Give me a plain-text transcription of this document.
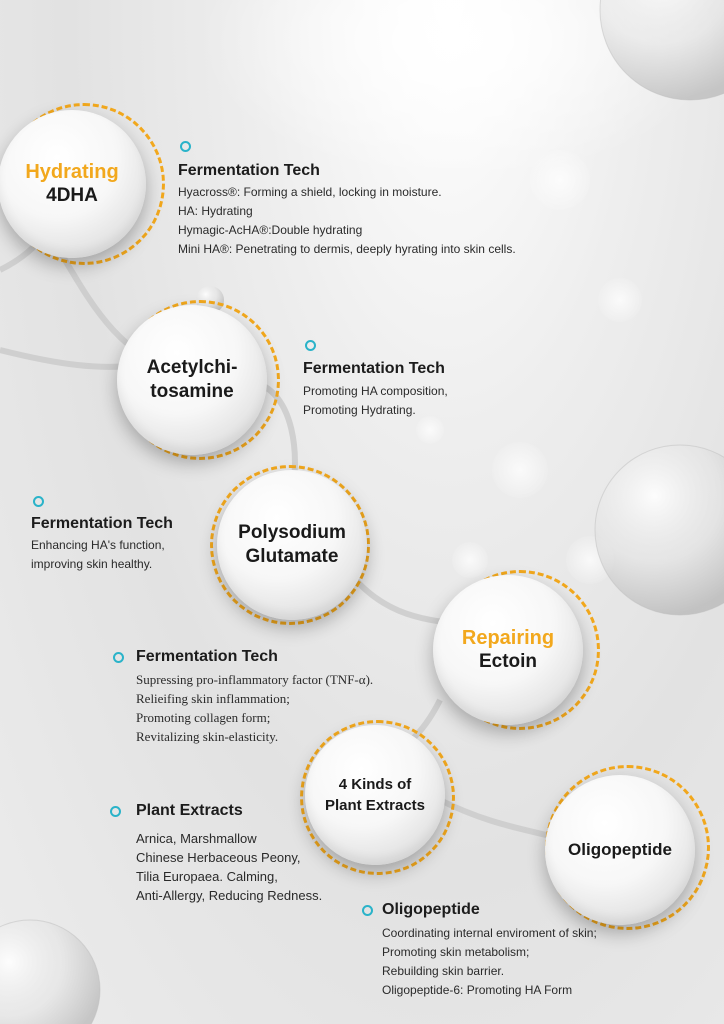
Hydrating
4DHA
Acetylchi-
tosamine
Polysodium
Glutamate
Repairing
Ectoin
4 Kinds of
Plant Extracts
Oligopeptide
Fermentation Tech
Hyacross®: Forming a shield, locking in moisture.
HA: Hydrating
Hymagic-AcHA®:Double hydrating
Mini HA®: Penetrating to dermis, deeply hyrating into skin cells.
Fermentation Tech
Promoting HA composition,
Promoting Hydrating.
Fermentation Tech
Enhancing HA's function,
improving skin healthy.
Fermentation Tech
Supressing pro-inflammatory factor (TNF-α).
Relieifing skin inflammation;
Promoting collagen form;
Revitalizing skin-elasticity.
Plant Extracts
Arnica, Marshmallow
Chinese Herbaceous Peony,
Tilia Europaea. Calming,
Anti-Allergy, Reducing Redness.
Oligopeptide
Coordinating internal enviroment of skin;
Promoting skin metabolism;
Rebuilding skin barrier.
Oligopeptide-6: Promoting HA Form
